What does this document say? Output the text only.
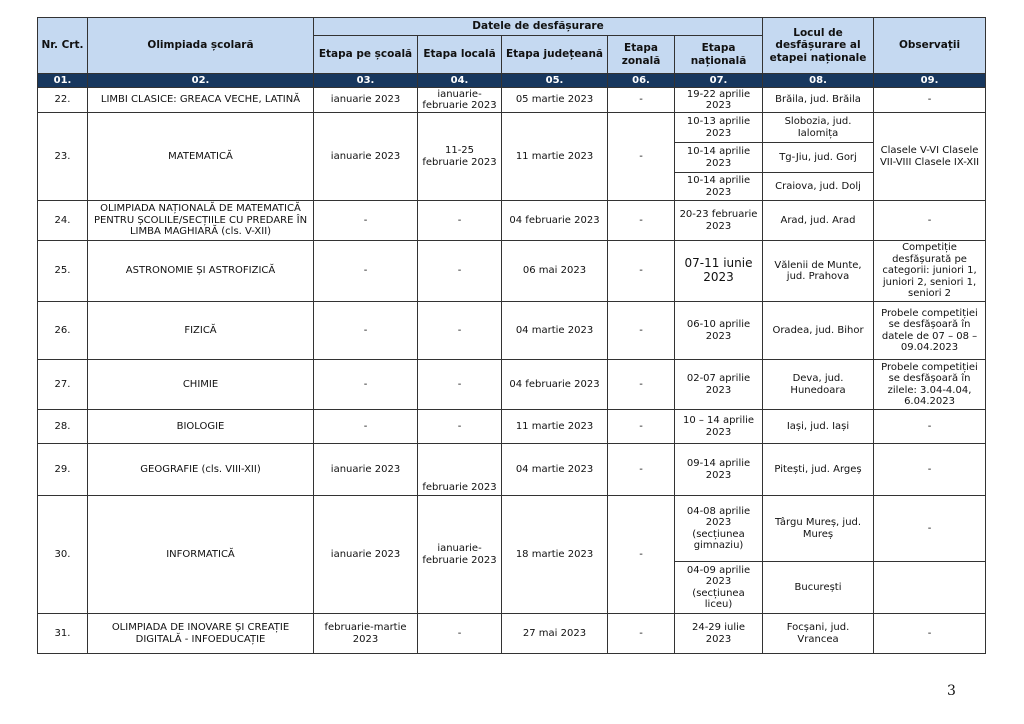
Nr. Crt.	Olimpiada școlară	Datele de desfășurare					Locul de desfășurare al etapei naționale	Observații
		Etapa pe școală	Etapa locală	Etapa județeană	Etapa zonală	Etapa națională		
01.	02.	03.	04.	05.	06.	07.	08.	09.
22.	LIMBI CLASICE: GREACA VECHE, LATINĂ	ianuarie 2023	ianuarie-februarie 2023	05 martie 2023	-	19-22 aprilie 2023	Brăila, jud. Brăila	-
23.	MATEMATICĂ	ianuarie 2023	11-25 februarie 2023	11 martie 2023	-	10-13 aprilie 2023	Slobozia, jud. Ialomița	Clasele V-VI Clasele VII-VIII Clasele IX-XII
						10-14 aprilie 2023	Tg-Jiu, jud. Gorj	
						10-14 aprilie 2023	Craiova, jud. Dolj	
24.	OLIMPIADA NAȚIONALĂ DE MATEMATICĂ PENTRU ȘCOLILE/SECȚIILE CU PREDARE ÎN LIMBA MAGHIARĂ (cls. V-XII)	-	-	04 februarie 2023	-	20-23 februarie 2023	Arad, jud. Arad	-
25.	ASTRONOMIE ȘI ASTROFIZICĂ	-	-	06 mai 2023	-	07-11 iunie 2023	Vălenii de Munte, jud. Prahova	Competiție desfășurată pe categorii: juniori 1, juniori 2, seniori 1, seniori 2
26.	FIZICĂ	-	-	04 martie 2023	-	06-10 aprilie 2023	Oradea, jud. Bihor	Probele competiției se desfășoară în datele de 07 – 08 – 09.04.2023
27.	CHIMIE	-	-	04 februarie 2023	-	02-07 aprilie 2023	Deva, jud. Hunedoara	Probele competiției se desfășoară în zilele: 3.04-4.04, 6.04.2023
28.	BIOLOGIE	-	-	11 martie 2023	-	10 – 14 aprilie 2023	Iași, jud. Iași	-
29.	GEOGRAFIE (cls. VIII-XII)	ianuarie 2023	februarie 2023	04 martie 2023	-	09-14 aprilie 2023	Pitești, jud. Argeș	-
30.	INFORMATICĂ	ianuarie 2023	ianuarie-februarie 2023	18 martie 2023	-	04-08 aprilie 2023 (secțiunea gimnaziu)	Târgu Mureș, jud. Mureș	-
						04-09 aprilie 2023 (secțiunea liceu)	București	
31.	OLIMPIADA DE INOVARE ȘI CREAȚIE DIGITALĂ - INFOEDUCAȚIE	februarie-martie 2023	-	27 mai 2023	-	24-29 iulie 2023	Focșani, jud. Vrancea	-
3
